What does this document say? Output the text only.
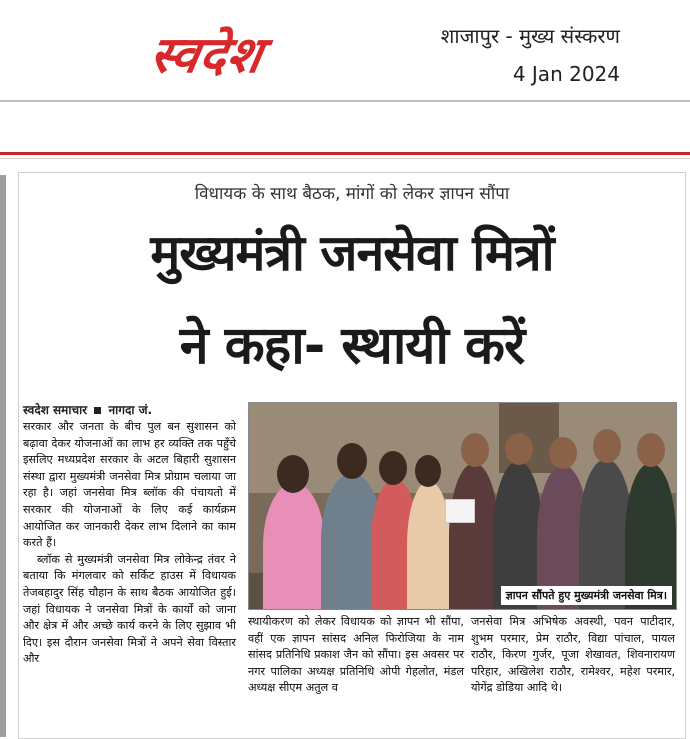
स्वदेश	शाजापुर - मुख्य संस्करण
4 Jan 2024
विधायक के साथ बैठक, मांगों को लेकर ज्ञापन सौंपा
मुख्यमंत्री जनसेवा मित्रों
ने कहा- स्थायी करें
स्वदेश समाचार नागदा जं.

सरकार और जनता के बीच पुल बन सुशासन को बढ़ावा देकर योजनाओं का लाभ हर व्यक्ति तक पहुँचे इसलिए मध्यप्रदेश सरकार के अटल बिहारी सुशासन संस्था द्वारा मुख्यमंत्री जनसेवा मित्र प्रोग्राम चलाया जा रहा है। जहां जनसेवा मित्र ब्लॉक की पंचायतो में सरकार की योजनाओं के लिए कई कार्यक्रम आयोजित कर जानकारी देकर लाभ दिलाने का काम करते हैं।

ब्लॉक से मुख्यमंत्री जनसेवा मित्र लोकेन्द्र तंवर ने बताया कि मंगलवार को सर्किट हाउस में विधायक तेजबहादुर सिंह चौहान के साथ बैठक आयोजित हुई। जहां विधायक ने जनसेवा मित्रों के कार्यों को जाना और क्षेत्र में और अच्छे कार्य करने के लिए सुझाव भी दिए। इस दौरान जनसेवा मित्रों ने अपने सेवा विस्तार और

ज्ञापन सौंपते हुए मुख्यमंत्री जनसेवा मित्र।

स्थायीकरण को लेकर विधायक को ज्ञापन भी सौंपा, वहीं एक ज्ञापन सांसद अनिल फिरोजिया के नाम सांसद प्रतिनिधि प्रकाश जैन को सौंपा। इस अवसर पर नगर पालिका अध्यक्ष प्रतिनिधि ओपी गेहलोत, मंडल अध्यक्ष सीएम अतुल व

जनसेवा मित्र अभिषेक अवस्थी, पवन पाटीदार, शुभम परमार, प्रेम राठौर, विद्या पांचाल, पायल राठौर, किरण गुर्जर, पूजा शेखावत, शिवनारायण परिहार, अखिलेश राठौर, रामेश्वर, महेश परमार, योगेंद्र डोडिया आदि थे।
